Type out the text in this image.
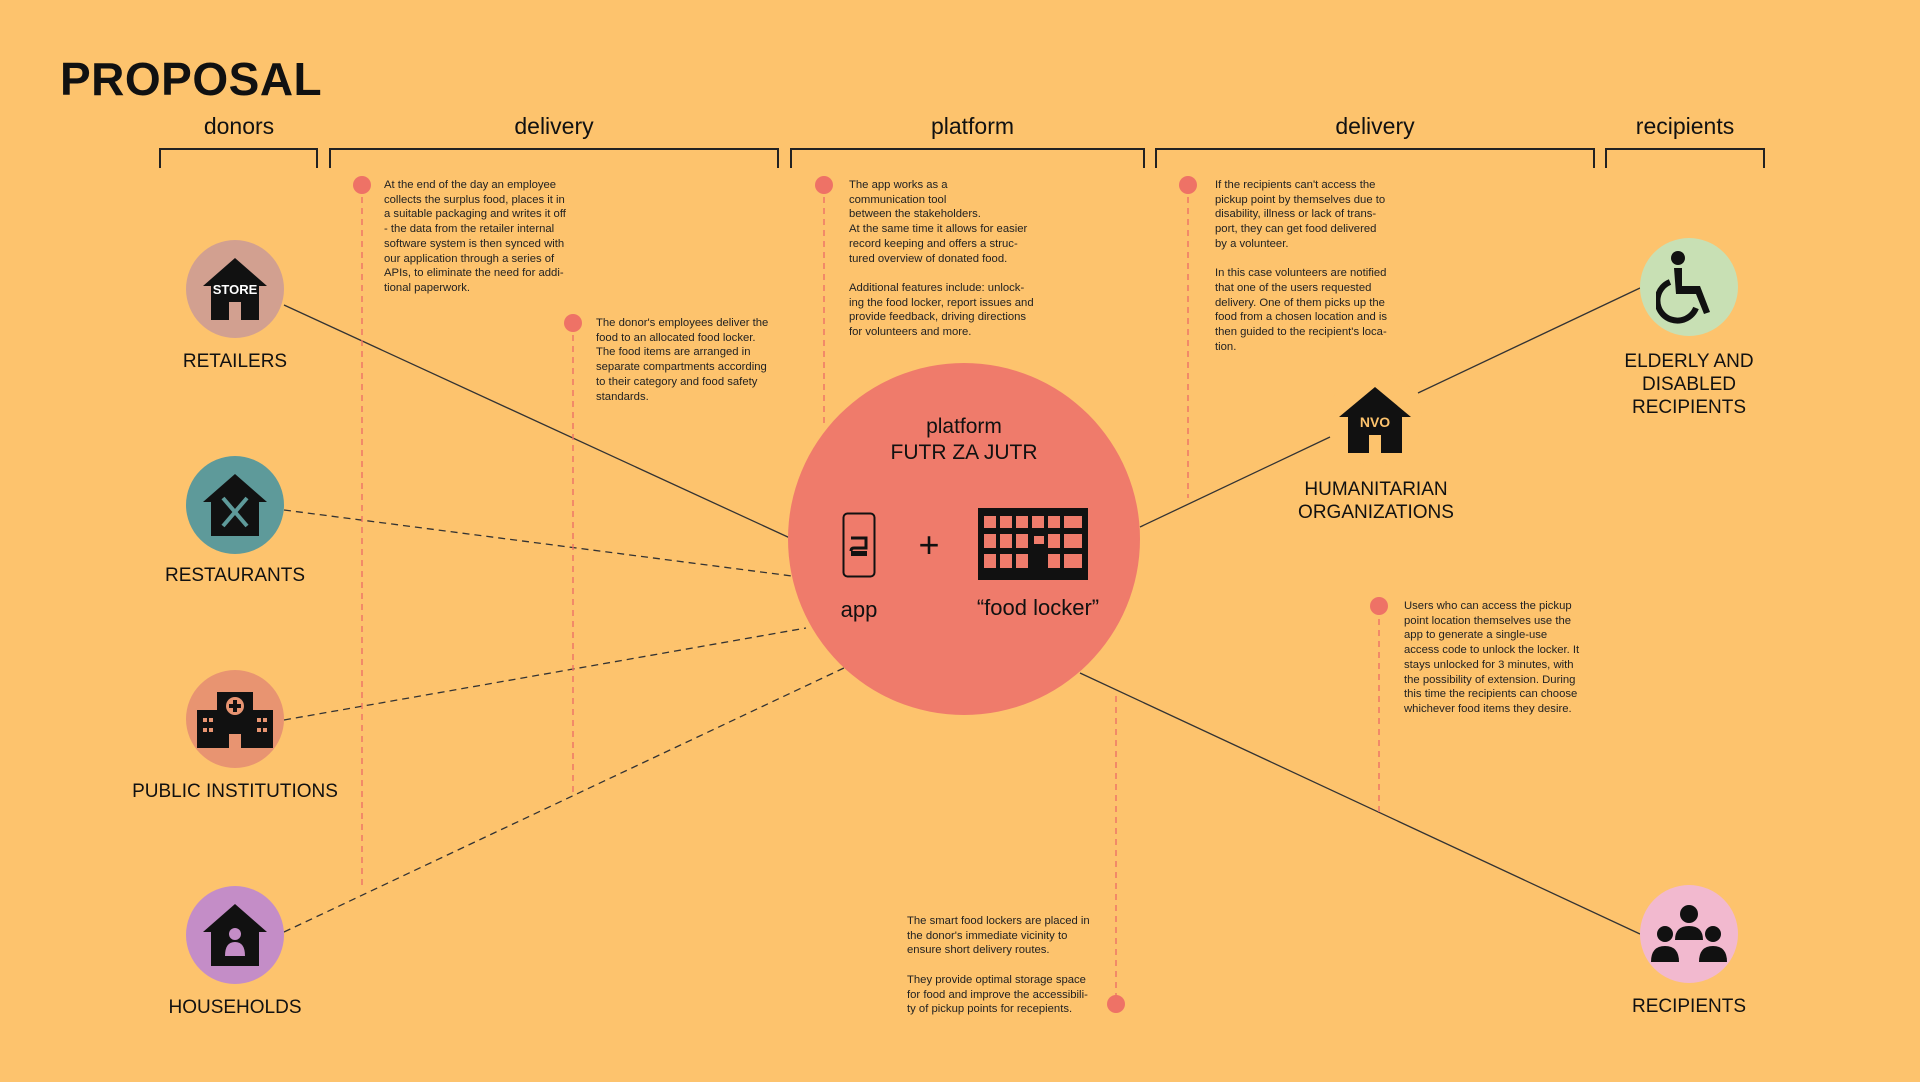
PROPOSAL
donors	delivery	platform	delivery	recipients
At the end of the day an employee
collects the surplus food, places it in
a suitable packaging and writes it off
- the data from the retailer internal
software system is then synced with
our application through a series of
APIs, to eliminate the need for addi-
tional paperwork.
The donor's employees deliver the
food to an allocated food locker.
The food items are arranged in
separate compartments according
to their category and food safety
standards.
The app works as a
communication tool
between the stakeholders.
At the same time it allows for easier
record keeping and offers a struc-
tured overview of donated food.

Additional features include: unlock-
ing the food locker, report issues and
provide feedback, driving directions
for volunteers and more.
If the recipients can't access the
pickup point by themselves due to
disability, illness or lack of trans-
port, they can get food delivered
by a volunteer.

In this case volunteers are notified
that one of the users requested
delivery. One of them picks up the
food from a chosen location and is
then guided to the recipient's loca-
tion.
Users who can access the pickup
point location themselves use the
app to generate a single-use
access code to unlock the locker. It
stays unlocked for 3 minutes, with
the possibility of extension. During
this time the recipients can choose
whichever food items they desire.
The smart food lockers are placed in
the donor's immediate vicinity to
ensure short delivery routes.

They provide optimal storage space
for food and improve the accessibili-
ty of pickup points for recepients.
STORE
RETAILERS
RESTAURANTS
PUBLIC INSTITUTIONS
HOUSEHOLDS
platform
FUTR ZA JUTR
app
+
“food locker”
NVO
HUMANITARIAN
ORGANIZATIONS
ELDERLY AND
DISABLED
RECIPIENTS
RECIPIENTS
